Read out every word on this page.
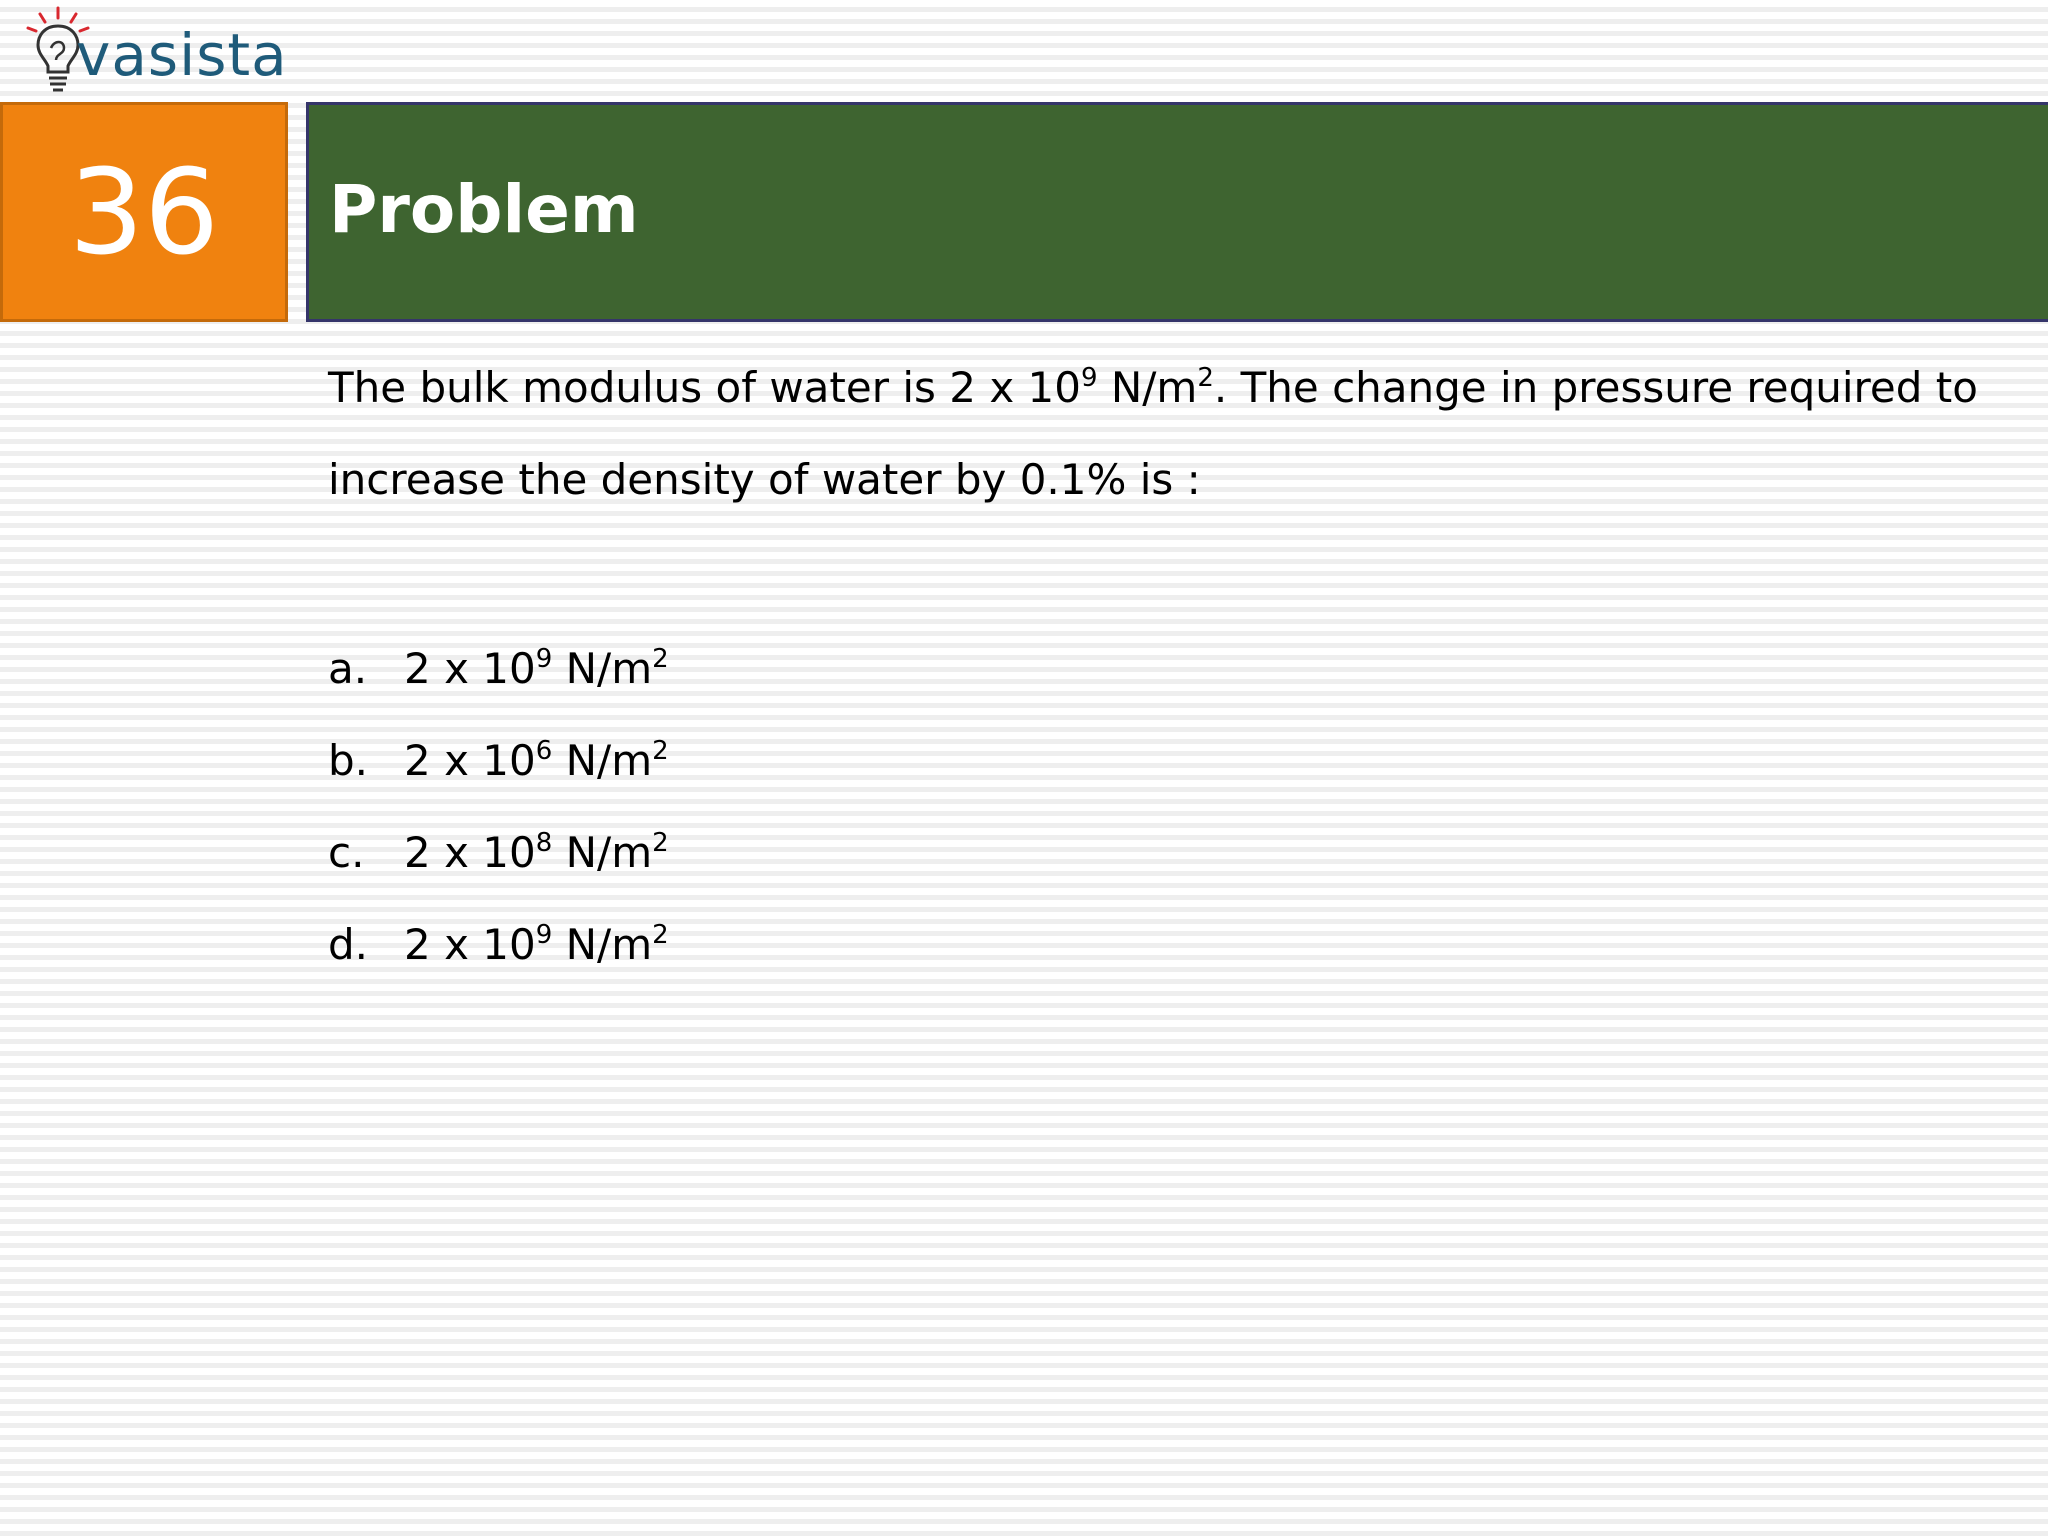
vasista
36 Problem
The bulk modulus of water is 2 x $10^9$ $N/m^2$. The change in pressure required to
increase the density of water by 0.1% is :
a. 2 x $10^9$ $N/m^2$
b. 2 x $10^6$ $N/m^2$
c. 2 x $10^8$ $N/m^2$
d. 2 x $10^9$ $N/m^2$
